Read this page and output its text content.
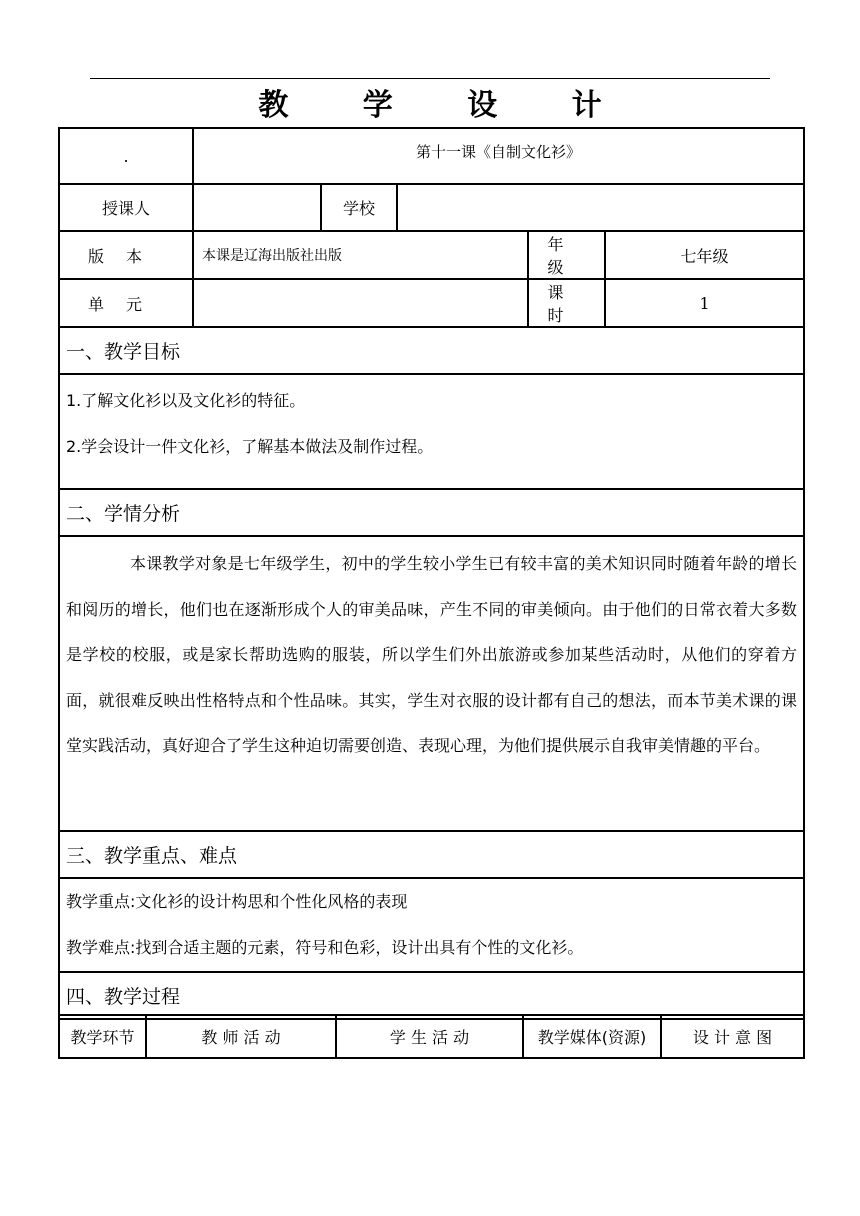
教 学 设 计
.	第十一课《自制文化衫》				
授课人		学校			
版本	本课是辽海出版社出版			年级	七年级
单元				课时	1
一、教学目标					

1.了解文化衫以及文化衫的特征。

2.学会设计一件文化衫，了解基本做法及制作过程。					

二、学情分析					
本课教学对象是七年级学生，初中的学生较小学生已有较丰富的美术知识同时随着年龄的增长和阅历的增长，他们也在逐渐形成个人的审美品味，产生不同的审美倾向。由于他们的日常衣着大多数是学校的校服，或是家长帮助选购的服装，所以学生们外出旅游或参加某些活动时，从他们的穿着方面，就很难反映出性格特点和个性品味。其实，学生对衣服的设计都有自己的想法，而本节美术课的课堂实践活动，真好迎合了学生这种迫切需要创造、表现心理，为他们提供展示自我审美情趣的平台。					
三、教学重点、难点					

教学重点:文化衫的设计构思和个性化风格的表现

教学难点:找到合适主题的元素，符号和色彩，设计出具有个性的文化衫。					

四、教学过程					
教学环节	教 师 活 动	学 生 活 动	教学媒体(资源)	设 计 意 图
